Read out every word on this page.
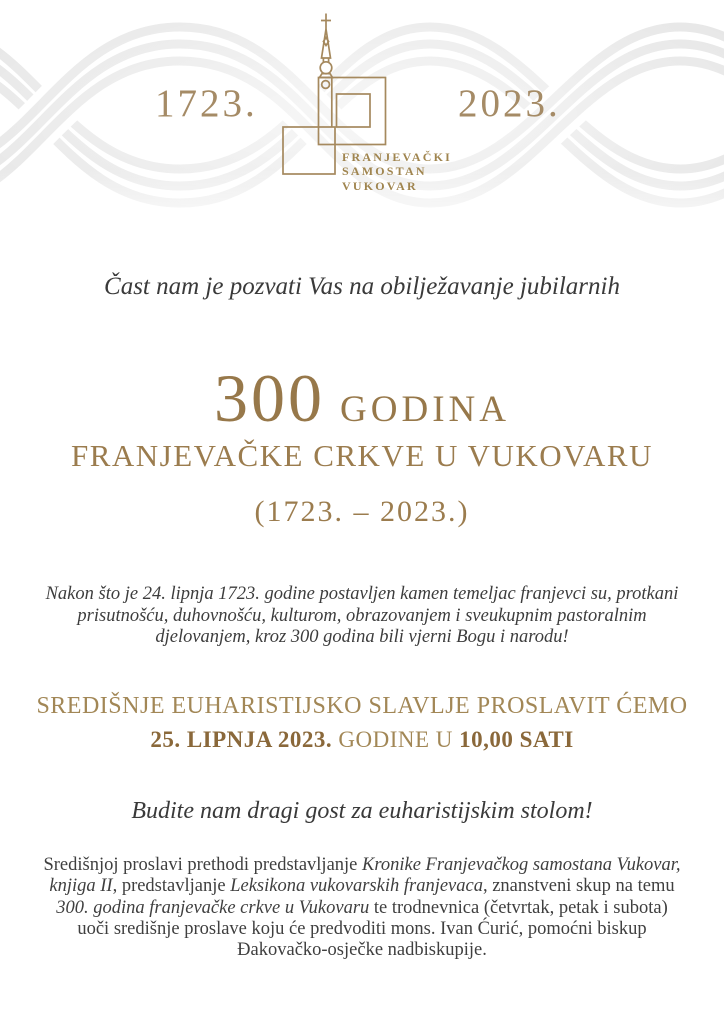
1723.	2023.
FRANJEVAČKI
SAMOSTAN
VUKOVAR
Čast nam je pozvati Vas na obilježavanje jubilarnih
300 GODINA
FRANJEVAČKE CRKVE U VUKOVARU
(1723. – 2023.)

Nakon što je 24. lipnja 1723. godine postavljen kamen temeljac franjevci su, protkani prisutnošću, duhovnošću, kulturom, obrazovanjem i sveukupnim pastoralnim djelovanjem, kroz 300 godina bili vjerni Bogu i narodu!

SREDIŠNJE EUHARISTIJSKO SLAVLJE PROSLAVIT ĆEMO
25. LIPNJA 2023. GODINE U 10,00 SATI
Budite nam dragi gost za euharistijskim stolom!

Središnjoj proslavi prethodi predstavljanje Kronike Franjevačkog samostana Vukovar, knjiga II, predstavljanje Leksikona vukovarskih franjevaca, znanstveni skup na temu 300. godina franjevačke crkve u Vukovaru te trodnevnica (četvrtak, petak i subota) uoči središnje proslave koju će predvoditi mons. Ivan Ćurić, pomoćni biskup Đakovačko-osječke nadbiskupije.
